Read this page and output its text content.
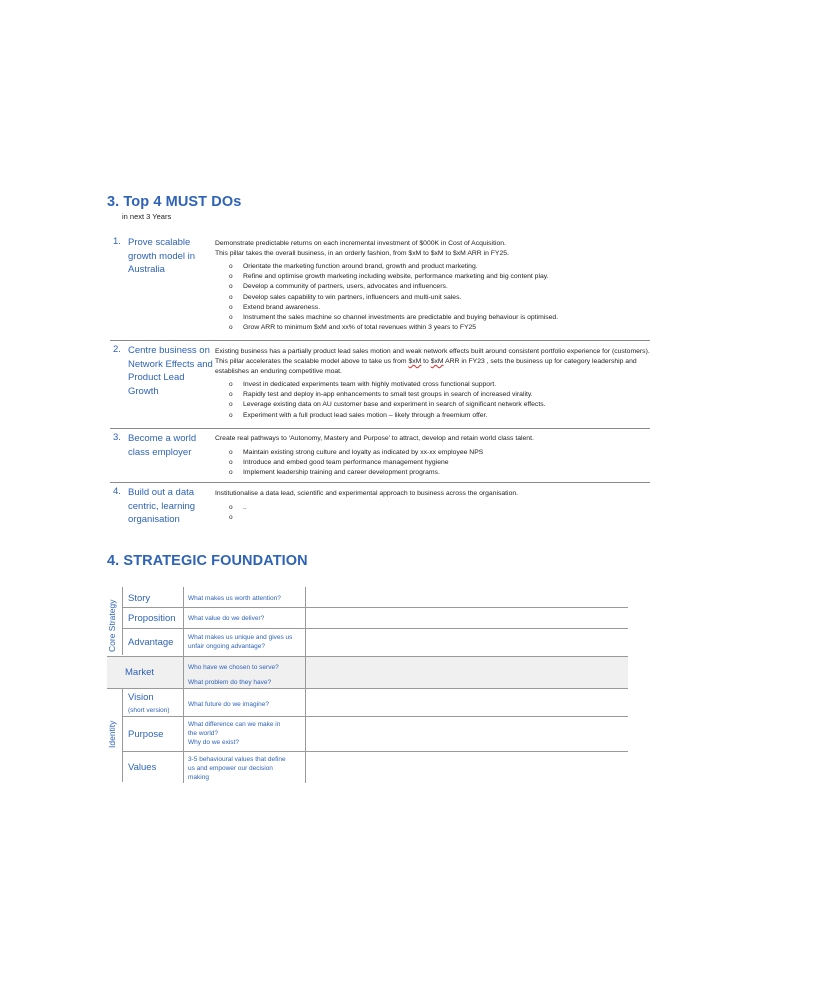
3. Top 4 MUST DOs
in next 3 Years
1. Prove scalable growth model in Australia
Demonstrate predictable returns on each incremental investment of $000K in Cost of Acquisition.
This pillar takes the overall business, in an orderly fashion, from $xM to $xM to $xM ARR in FY25.
o Orientate the marketing function around brand, growth and product marketing.
o Refine and optimise growth marketing including website, performance marketing and big content play.
o Develop a community of partners, users, advocates and influencers.
o Develop sales capability to win partners, influencers and multi-unit sales.
o Extend brand awareness.
o Instrument the sales machine so channel investments are predictable and buying behaviour is optimised.
o Grow ARR to minimum $xM and xx% of total revenues within 3 years to FY25
2. Centre business on Network Effects and Product Lead Growth
Existing business has a partially product lead sales motion and weak network effects built around consistent portfolio experience for (customers). This pillar accelerates the scalable model above to take us from $xM to $xM ARR in FY23 , sets the business up for category leadership and establishes an enduring competitive moat.
o Invest in dedicated experiments team with highly motivated cross functional support.
o Rapidly test and deploy in-app enhancements to small test groups in search of increased virality.
o Leverage existing data on AU customer base and experiment in search of significant network effects.
o Experiment with a full product lead sales motion – likely through a freemium offer.
3. Become a world class employer
Create real pathways to ‘Autonomy, Mastery and Purpose’ to attract, develop and retain world class talent.
o Maintain existing strong culture and loyalty as indicated by xx-xx employee NPS
o Introduce and embed good team performance management hygiene
o Implement leadership training and career development programs.
4. Build out a data centric, learning organisation
Institutionalise a data lead, scientific and experimental approach to business across the organisation.
o ..
o
4. STRATEGIC FOUNDATION
Core Strategy
Identity
Story	What makes us worth attention?
Proposition What value do we deliver?
Advantage What makes us unique and gives us
unfair ongoing advantage?
Market	Who have we chosen to serve?
What problem do they have?
Vision
(short version)
What future do we imagine?
Purpose
What difference can we make in
the world?
Why do we exist?
Values
3-5 behavioural values that define
us and empower our decision
making
